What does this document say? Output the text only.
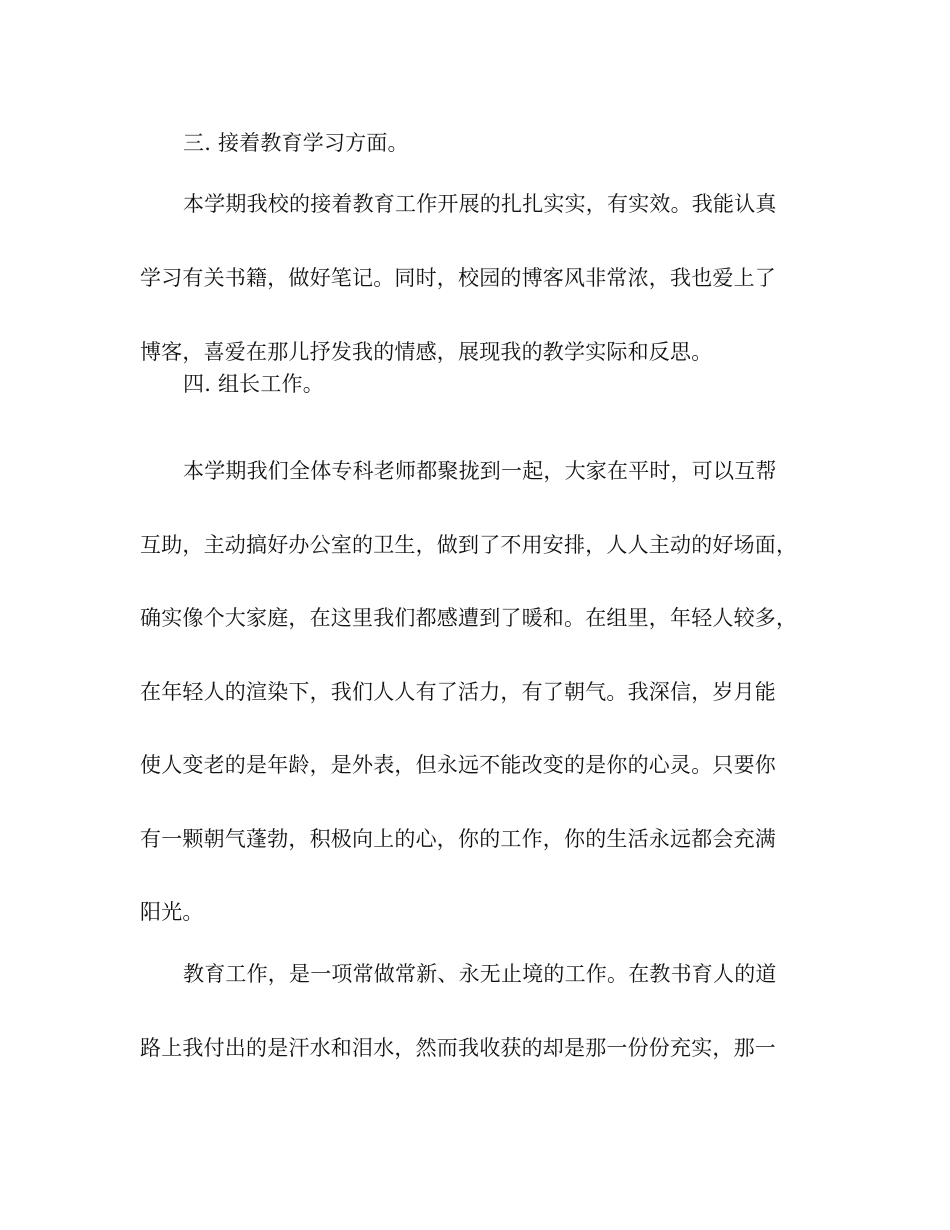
三. 接着教育学习方面。
本学期我校的接着教育工作开展的扎扎实实，有实效。我能认真
学习有关书籍，做好笔记。同时，校园的博客风非常浓，我也爱上了
博客，喜爱在那儿抒发我的情感，展现我的教学实际和反思。
四. 组长工作。
本学期我们全体专科老师都聚拢到一起，大家在平时，可以互帮
互助，主动搞好办公室的卫生，做到了不用安排，人人主动的好场面，
确实像个大家庭，在这里我们都感遭到了暖和。在组里，年轻人较多，
在年轻人的渲染下，我们人人有了活力，有了朝气。我深信，岁月能
使人变老的是年龄，是外表，但永远不能改变的是你的心灵。只要你
有一颗朝气蓬勃，积极向上的心，你的工作，你的生活永远都会充满
阳光。
教育工作，是一项常做常新、永无止境的工作。在教书育人的道
路上我付出的是汗水和泪水，然而我收获的却是那一份份充实，那一
